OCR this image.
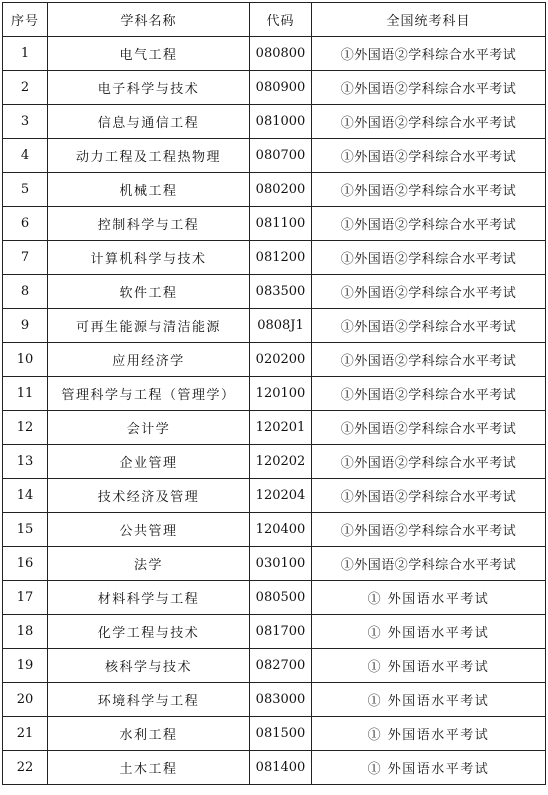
序号	学科名称	代码	全国统考科目
1	电气工程	080800	①外国语②学科综合水平考试
2	电子科学与技术	080900	①外国语②学科综合水平考试
3	信息与通信工程	081000	①外国语②学科综合水平考试
4	动力工程及工程热物理	080700	①外国语②学科综合水平考试
5	机械工程	080200	①外国语②学科综合水平考试
6	控制科学与工程	081100	①外国语②学科综合水平考试
7	计算机科学与技术	081200	①外国语②学科综合水平考试
8	软件工程	083500	①外国语②学科综合水平考试
9	可再生能源与清洁能源	0808J1	①外国语②学科综合水平考试
10	应用经济学	020200	①外国语②学科综合水平考试
11	管理科学与工程（管理学）	120100	①外国语②学科综合水平考试
12	会计学	120201	①外国语②学科综合水平考试
13	企业管理	120202	①外国语②学科综合水平考试
14	技术经济及管理	120204	①外国语②学科综合水平考试
15	公共管理	120400	①外国语②学科综合水平考试
16	法学	030100	①外国语②学科综合水平考试
17	材料科学与工程	080500	① 外国语水平考试
18	化学工程与技术	081700	① 外国语水平考试
19	核科学与技术	082700	① 外国语水平考试
20	环境科学与工程	083000	① 外国语水平考试
21	水利工程	081500	① 外国语水平考试
22	土木工程	081400	① 外国语水平考试
